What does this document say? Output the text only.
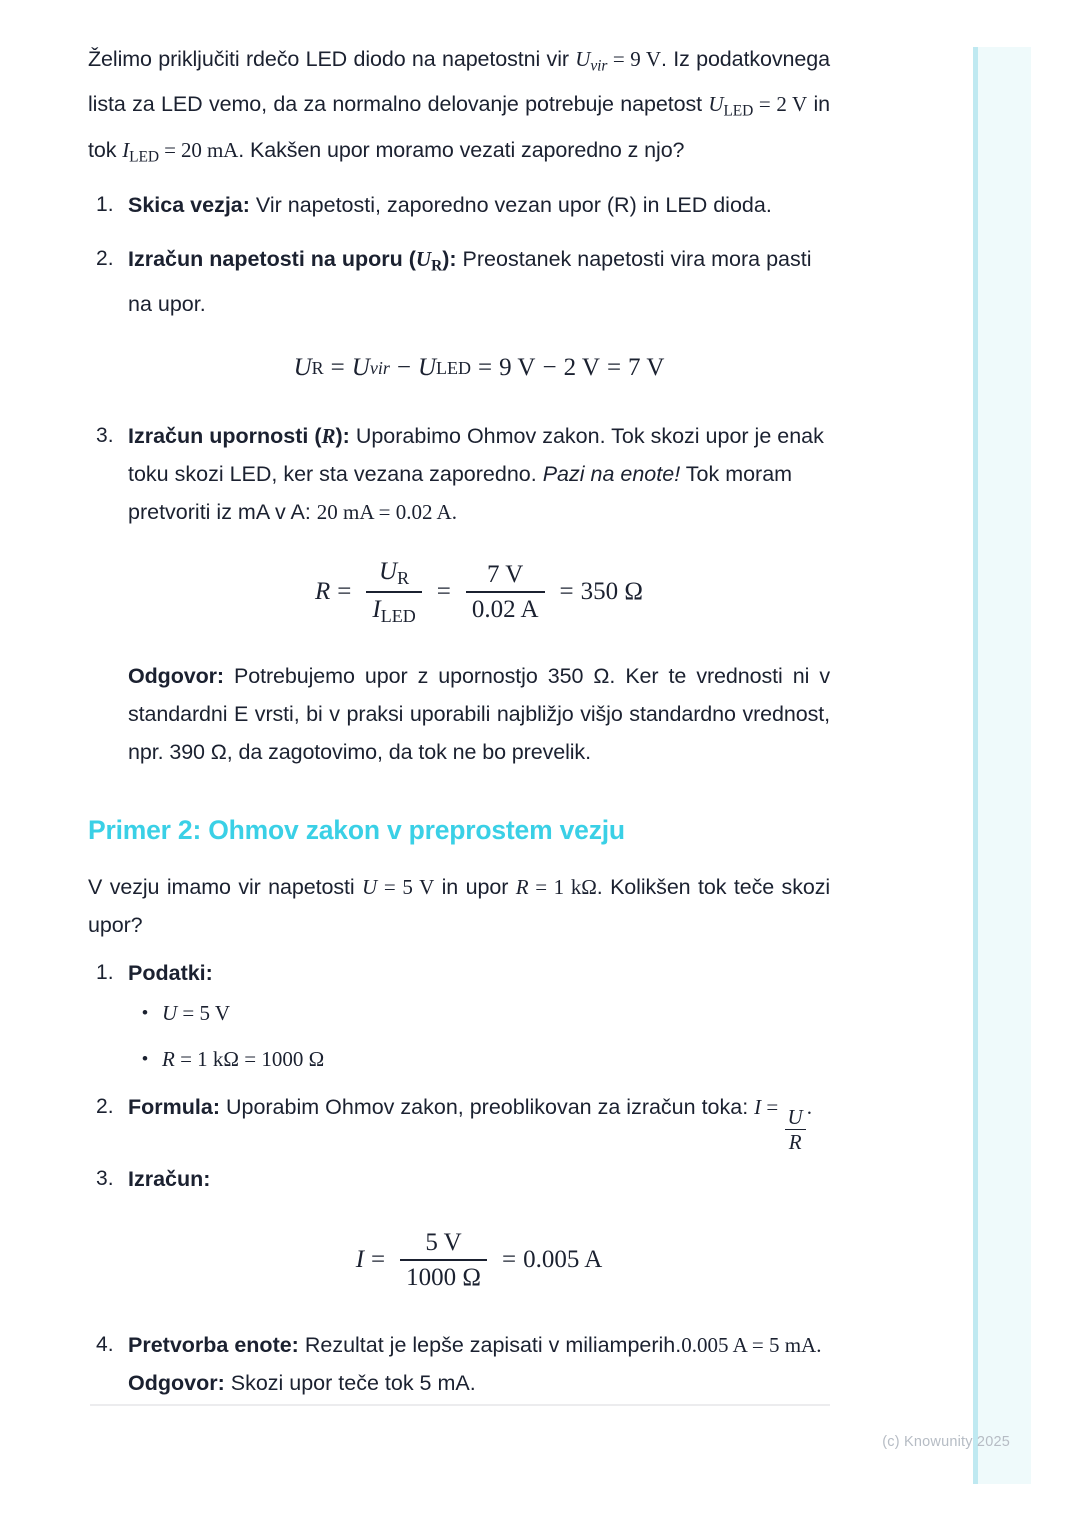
Želimo priključiti rdečo LED diodo na napetostni vir $U_{vir} = 9$ V. Iz podatkovnega lista za LED vemo, da za normalno delovanje potrebuje napetost $U_{LED} = 2$ V in tok $I_{LED} = 20$ mA. Kakšen upor moramo vezati zaporedno z njo?

Skica vezja: Vir napetosti, zaporedno vezan upor (R) in LED dioda.
Izračun napetosti na uporu $(U_R)$: Preostanek napetosti vira mora pasti na upor.
U R = U vir − U LED = 9 V − 2 V = 7 V
Izračun upornosti (R): Uporabimo Ohmov zakon. Tok skozi upor je enak toku skozi LED, ker sta vezana zaporedno. Pazi na enote! Tok moram pretvoriti iz mA v A: 20 mA = 0.02 A.
$R = \frac{U_R}{I_{LED}} = \frac{7 V}{0.02 A} = 350$ Ω

Odgovor: Potrebujemo upor z upornostjo 350 Ω. Ker te vrednosti ni v standardni E vrsti, bi v praksi uporabili najbližjo višjo standardno vrednost, npr. 390 Ω, da zagotovimo, da tok ne bo prevelik.

Primer 2: Ohmov zakon v preprostem vezju

V vezju imamo vir napetosti U = 5 V in upor R = 1 kΩ. Kolikšen tok teče skozi upor?

Podatki:
• U = 5 V
• R = 1 kΩ = 1000 Ω
Formula: Uporabim Ohmov zakon, preoblikovan za izračun toka: $I = \frac{U}{R}$ .
Izračun:
$I = \frac{5 V}{1000 \Omega} = 0.005$ A
Pretvorba enote: Rezultat je lepše zapisati v miliamperih.0.005 A = 5 mA. Odgovor: Skozi upor teče tok 5 mA.
(c) Knowunity 2025
